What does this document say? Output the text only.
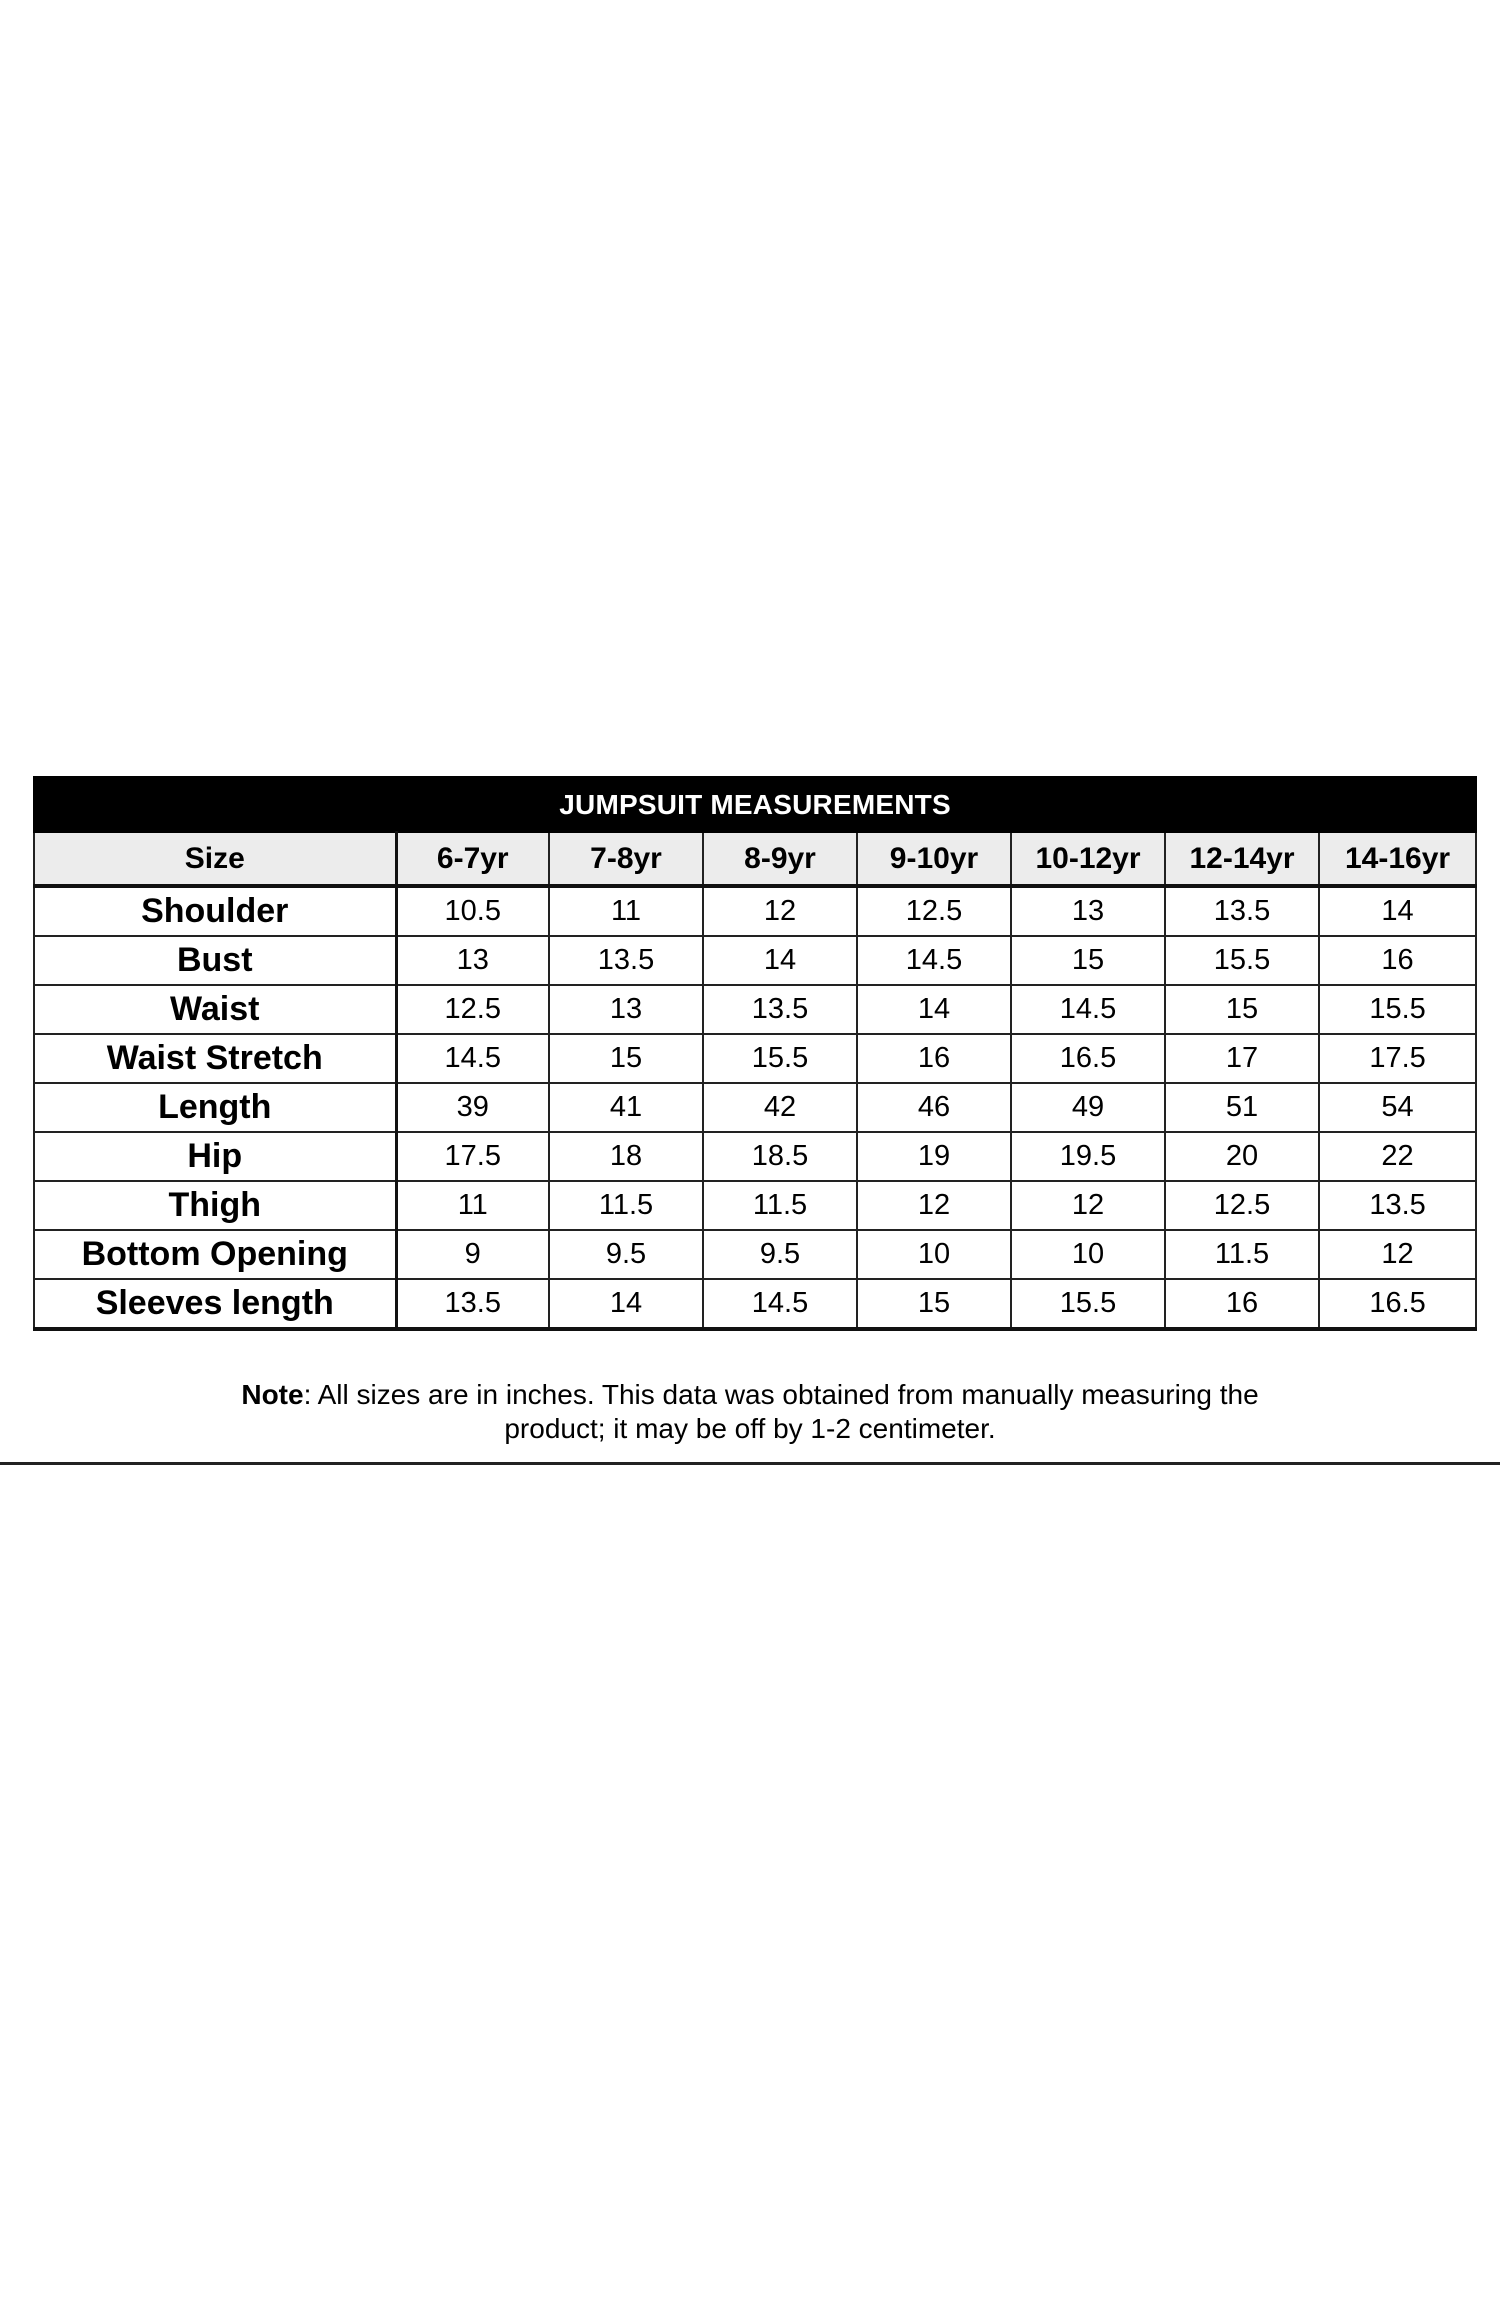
JUMPSUIT MEASUREMENTS							
Size	6-7yr	7-8yr	8-9yr	9-10yr	10-12yr	12-14yr	14-16yr
Shoulder	10.5	11	12	12.5	13	13.5	14
Bust	13	13.5	14	14.5	15	15.5	16
Waist	12.5	13	13.5	14	14.5	15	15.5
Waist Stretch	14.5	15	15.5	16	16.5	17	17.5
Length	39	41	42	46	49	51	54
Hip	17.5	18	18.5	19	19.5	20	22
Thigh	11	11.5	11.5	12	12	12.5	13.5
Bottom Opening	9	9.5	9.5	10	10	11.5	12
Sleeves length	13.5	14	14.5	15	15.5	16	16.5
Note: All sizes are in inches. This data was obtained from manually measuring the
product; it may be off by 1-2 centimeter.
